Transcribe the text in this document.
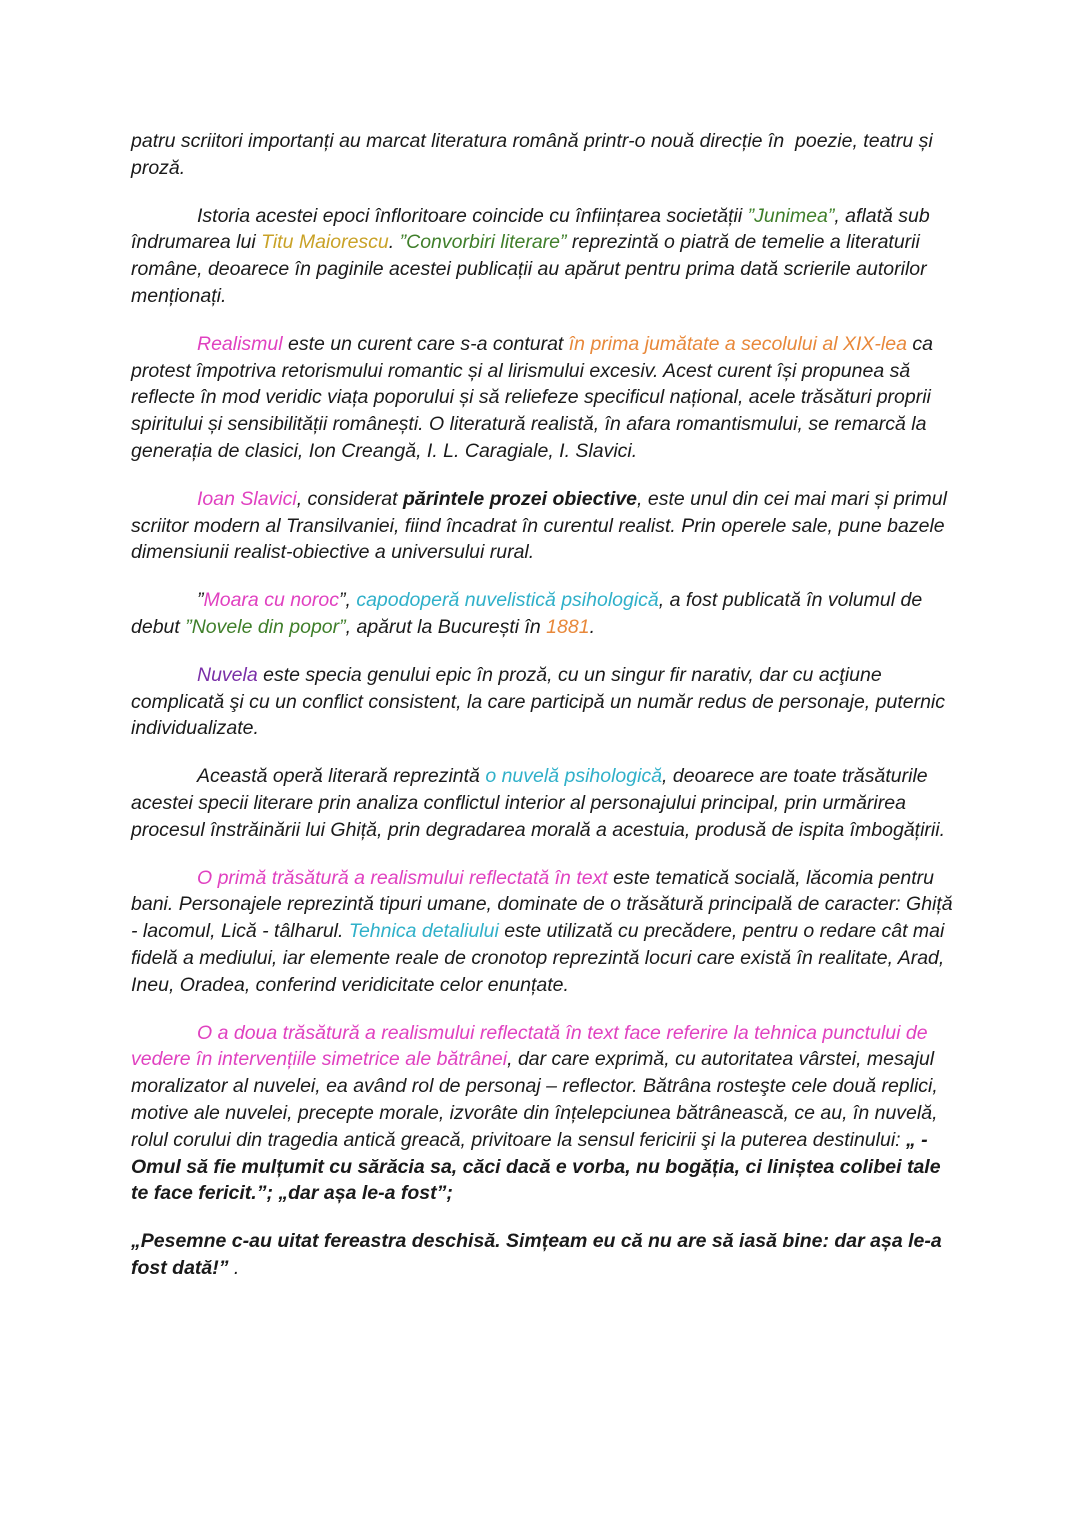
patru scriitori importanți au marcat literatura română printr-o nouă direcție în  poezie, teatru și proză.

Istoria acestei epoci înfloritoare coincide cu înființarea societății ”Junimea”, aflată sub îndrumarea lui Titu Maiorescu. ”Convorbiri literare” reprezintă o piatră de temelie a literaturii  române, deoarece în paginile acestei publicații au apărut pentru prima dată scrierile autorilor  menționați.

Realismul este un curent care s-a conturat în prima jumătate a secolului al XIX-lea ca protest împotriva retorismului romantic și al lirismului excesiv. Acest curent își propunea să reflecte în mod veridic viața poporului și să reliefeze specificul național, acele trăsături proprii spiritului și sensibilității românești. O literatură realistă, în afara romantismului, se remarcă la generația de clasici, Ion Creangă, I. L. Caragiale, I. Slavici.

Ioan Slavici, considerat părintele prozei obiective, este unul din cei mai mari și primul scriitor modern al Transilvaniei, fiind încadrat în curentul realist. Prin operele sale, pune bazele dimensiunii realist-obiective a universului rural.

”Moara cu noroc”, capodoperă nuvelistică psihologică, a fost publicată în volumul de debut ”Novele din popor”, apărut la București în 1881.

Nuvela este specia genului epic în proză, cu un singur fir narativ, dar cu acţiune complicată şi cu un conflict consistent, la care participă un număr redus de personaje, puternic individualizate.

Această operă literară reprezintă o nuvelă psihologică, deoarece are toate trăsăturile acestei specii literare prin analiza conflictul interior al personajului principal, prin urmărirea procesul înstrăinării lui Ghiță, prin degradarea morală a acestuia, produsă de ispita îmbogățirii.

O primă trăsătură a realismului reflectată în text este tematică socială, lăcomia pentru bani. Personajele reprezintă tipuri umane, dominate de o trăsătură principală de caracter: Ghiță - lacomul, Lică - tâlharul. Tehnica detaliului este utilizată cu precădere, pentru o redare cât mai fidelă a mediului, iar elemente reale de cronotop reprezintă locuri care există în realitate, Arad, Ineu, Oradea, conferind veridicitate celor enunțate.

O a doua trăsătură a realismului reflectată în text face referire la tehnica punctului de vedere în intervențiile simetrice ale bătrânei, dar care exprimă, cu autoritatea vârstei, mesajul moralizator al nuvelei, ea având rol de personaj – reflector. Bătrâna rosteşte cele două replici, motive ale nuvelei, precepte morale, izvorâte din înțelepciunea bătrânească, ce au, în nuvelă, rolul corului din tragedia antică greacă, privitoare la sensul fericirii şi la puterea destinului: „ - Omul să fie mulțumit cu sărăcia sa, căci dacă e vorba, nu bogăția, ci liniștea colibei tale te face fericit.”; „dar așa le-a fost”;

„Pesemne c-au uitat fereastra deschisă. Simțeam eu că nu are să iasă bine: dar așa le-a fost dată!” .
